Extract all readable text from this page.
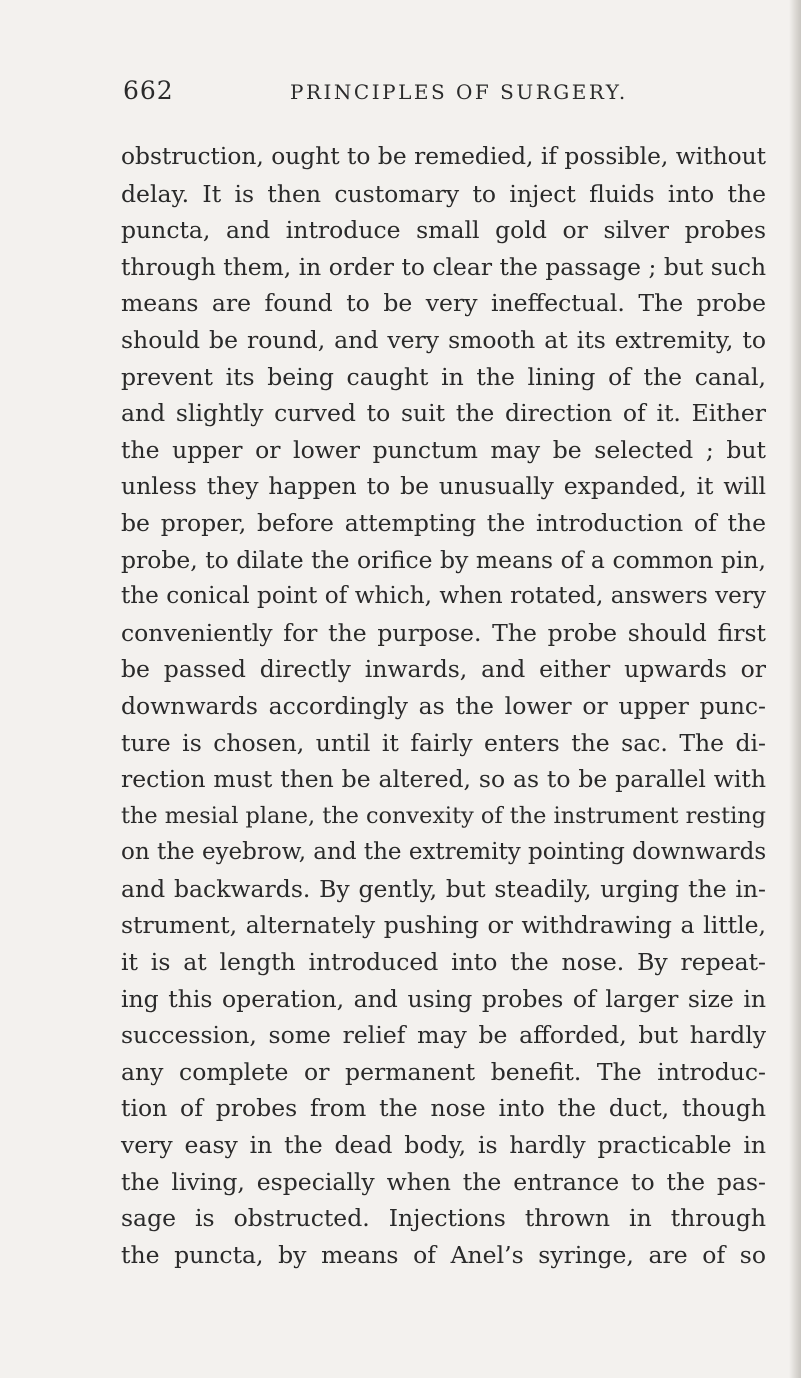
662	PRINCIPLES OF SURGERY.
obstruction, ought to be remedied, if possible, without
delay. It is then customary to inject fluids into the
puncta, and introduce small gold or silver probes
through them, in order to clear the passage ; but such
means are found to be very ineffectual. The probe
should be round, and very smooth at its extremity, to
prevent its being caught in the lining of the canal,
and slightly curved to suit the direction of it. Either
the upper or lower punctum may be selected ; but
unless they happen to be unusually expanded, it will
be proper, before attempting the introduction of the
probe, to dilate the orifice by means of a common pin,
the conical point of which, when rotated, answers very
conveniently for the purpose. The probe should first
be passed directly inwards, and either upwards or
downwards accordingly as the lower or upper punc-
ture is chosen, until it fairly enters the sac. The di-
rection must then be altered, so as to be parallel with
the mesial plane, the convexity of the instrument resting
on the eyebrow, and the extremity pointing downwards
and backwards. By gently, but steadily, urging the in-
strument, alternately pushing or withdrawing a little,
it is at length introduced into the nose. By repeat-
ing this operation, and using probes of larger size in
succession, some relief may be afforded, but hardly
any complete or permanent benefit. The introduc-
tion of probes from the nose into the duct, though
very easy in the dead body, is hardly practicable in
the living, especially when the entrance to the pas-
sage is obstructed. Injections thrown in through
the puncta, by means of Anel’s syringe, are of so
